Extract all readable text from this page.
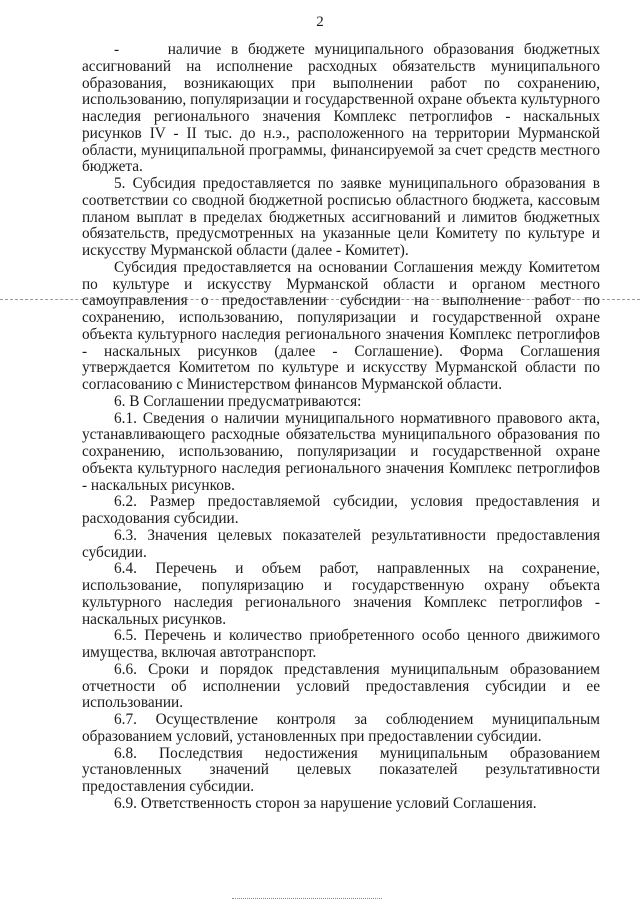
2

-     наличие в бюджете муниципального образования бюджетных ассигнований на исполнение расходных обязательств муниципального образования, возникающих при выполнении работ по сохранению, использованию, популяризации и государственной охране объекта культурного наследия регионального значения Комплекс петроглифов - наскальных рисунков IV - II тыс. до н.э., расположенного на территории Мурманской области, муниципальной программы, финансируемой за счет средств местного бюджета.

5. Субсидия предоставляется по заявке муниципального образования в соответствии со сводной бюджетной росписью областного бюджета, кассовым планом выплат в пределах бюджетных ассигнований и лимитов бюджетных обязательств, предусмотренных на указанные цели Комитету по культуре и искусству Мурманской области (далее - Комитет).

Субсидия предоставляется на основании Соглашения между Комитетом по культуре и искусству Мурманской области и органом местного самоуправления о предоставлении субсидии на выполнение работ по сохранению, использованию, популяризации и государственной охране объекта культурного наследия регионального значения Комплекс петроглифов - наскальных рисунков (далее - Соглашение). Форма Соглашения утверждается Комитетом по культуре и искусству Мурманской области по согласованию с Министерством финансов Мурманской области.

6. В Соглашении предусматриваются:

6.1. Сведения о наличии муниципального нормативного правового акта, устанавливающего расходные обязательства муниципального образования по сохранению, использованию, популяризации и государственной охране объекта культурного наследия регионального значения Комплекс петроглифов - наскальных рисунков.

6.2. Размер предоставляемой субсидии, условия предоставления и расходования субсидии.

6.3. Значения целевых показателей результативности предоставления субсидии.

6.4. Перечень и объем работ, направленных на сохранение, использование, популяризацию и государственную охрану объекта культурного наследия регионального значения Комплекс петроглифов - наскальных рисунков.

6.5. Перечень и количество приобретенного особо ценного движимого имущества, включая автотранспорт.

6.6. Сроки и порядок представления муниципальным образованием отчетности об исполнении условий предоставления субсидии и ее использовании.

6.7. Осуществление контроля за соблюдением муниципальным образованием условий, установленных при предоставлении субсидии.

6.8. Последствия недостижения муниципальным образованием установленных значений целевых показателей результативности предоставления субсидии.

6.9. Ответственность сторон за нарушение условий Соглашения.
